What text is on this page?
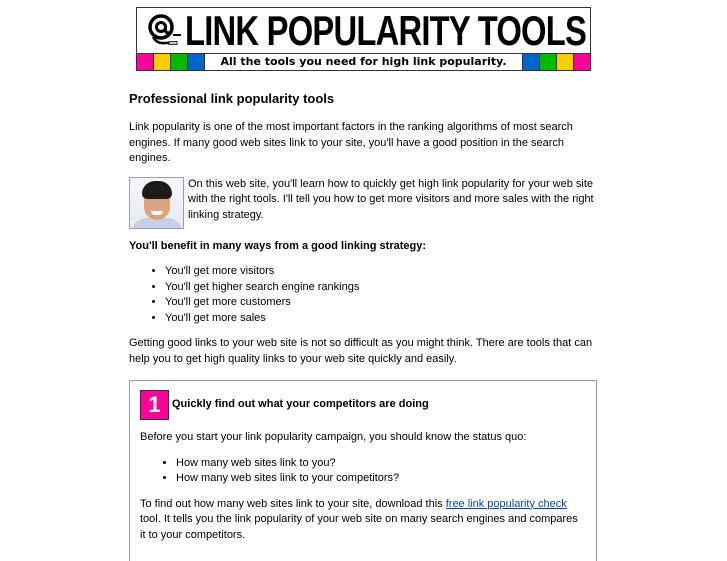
LINK POPULARITY TOOLS
All the tools you need for high link popularity.
Professional link popularity tools

Link popularity is one of the most important factors in the ranking algorithms of most search engines. If many good web sites link to your site, you'll have a good position in the search engines.

On this web site, you'll learn how to quickly get high link popularity for your web site with the right tools. I'll tell you how to get more visitors and more sales with the right linking strategy.
You'll benefit in many ways from a good linking strategy:
• You'll get more visitors
• You'll get higher search engine rankings
• You'll get more customers
• You'll get more sales

Getting good links to your web site is not so difficult as you might think. There are tools that can help you to get high quality links to your web site quickly and easily.

1	Quickly find out what your competitors are doing

Before you start your link popularity campaign, you should know the status quo:

• How many web sites link to you?
• How many web sites link to your competitors?

To find out how many web sites link to your site, download this free link popularity check tool. It tells you the link popularity of your web site on many search engines and compares it to your competitors.
